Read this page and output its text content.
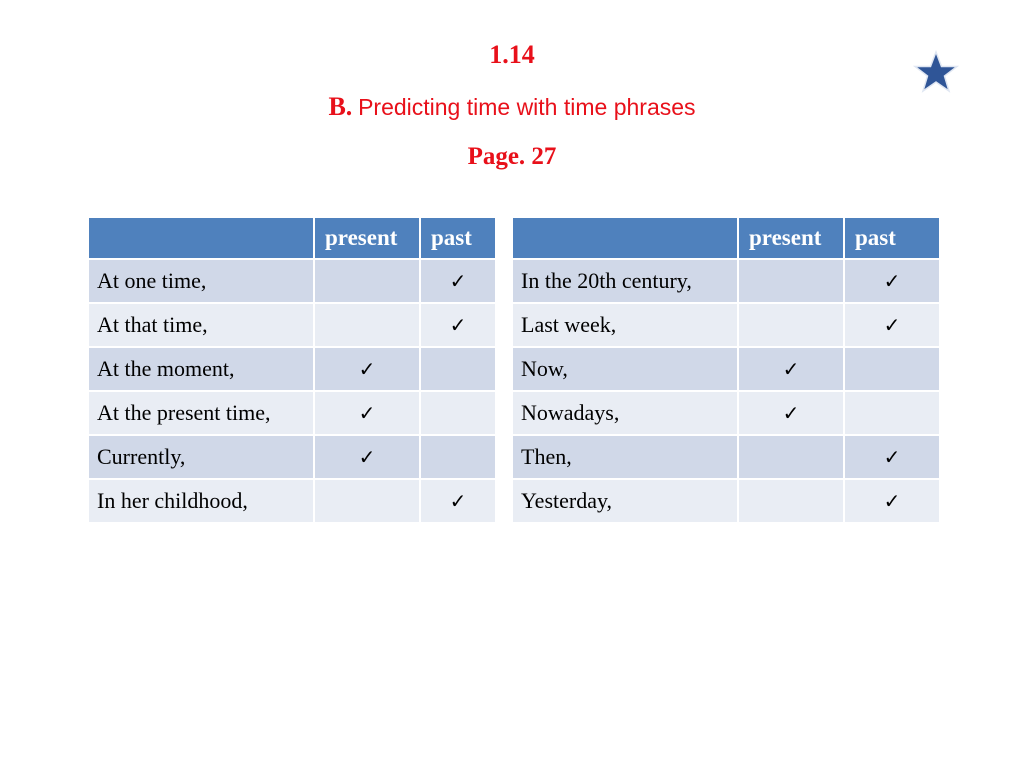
1.14
B. Predicting time with time phrases
Page. 27
	present	past
At one time,		✓
At that time,		✓
At the moment,	✓	
At the present time,	✓	
Currently,	✓	
In her childhood,		✓
	present	past
In the 20th century,		✓
Last week,		✓
Now,	✓	
Nowadays,	✓	
Then,		✓
Yesterday,		✓
